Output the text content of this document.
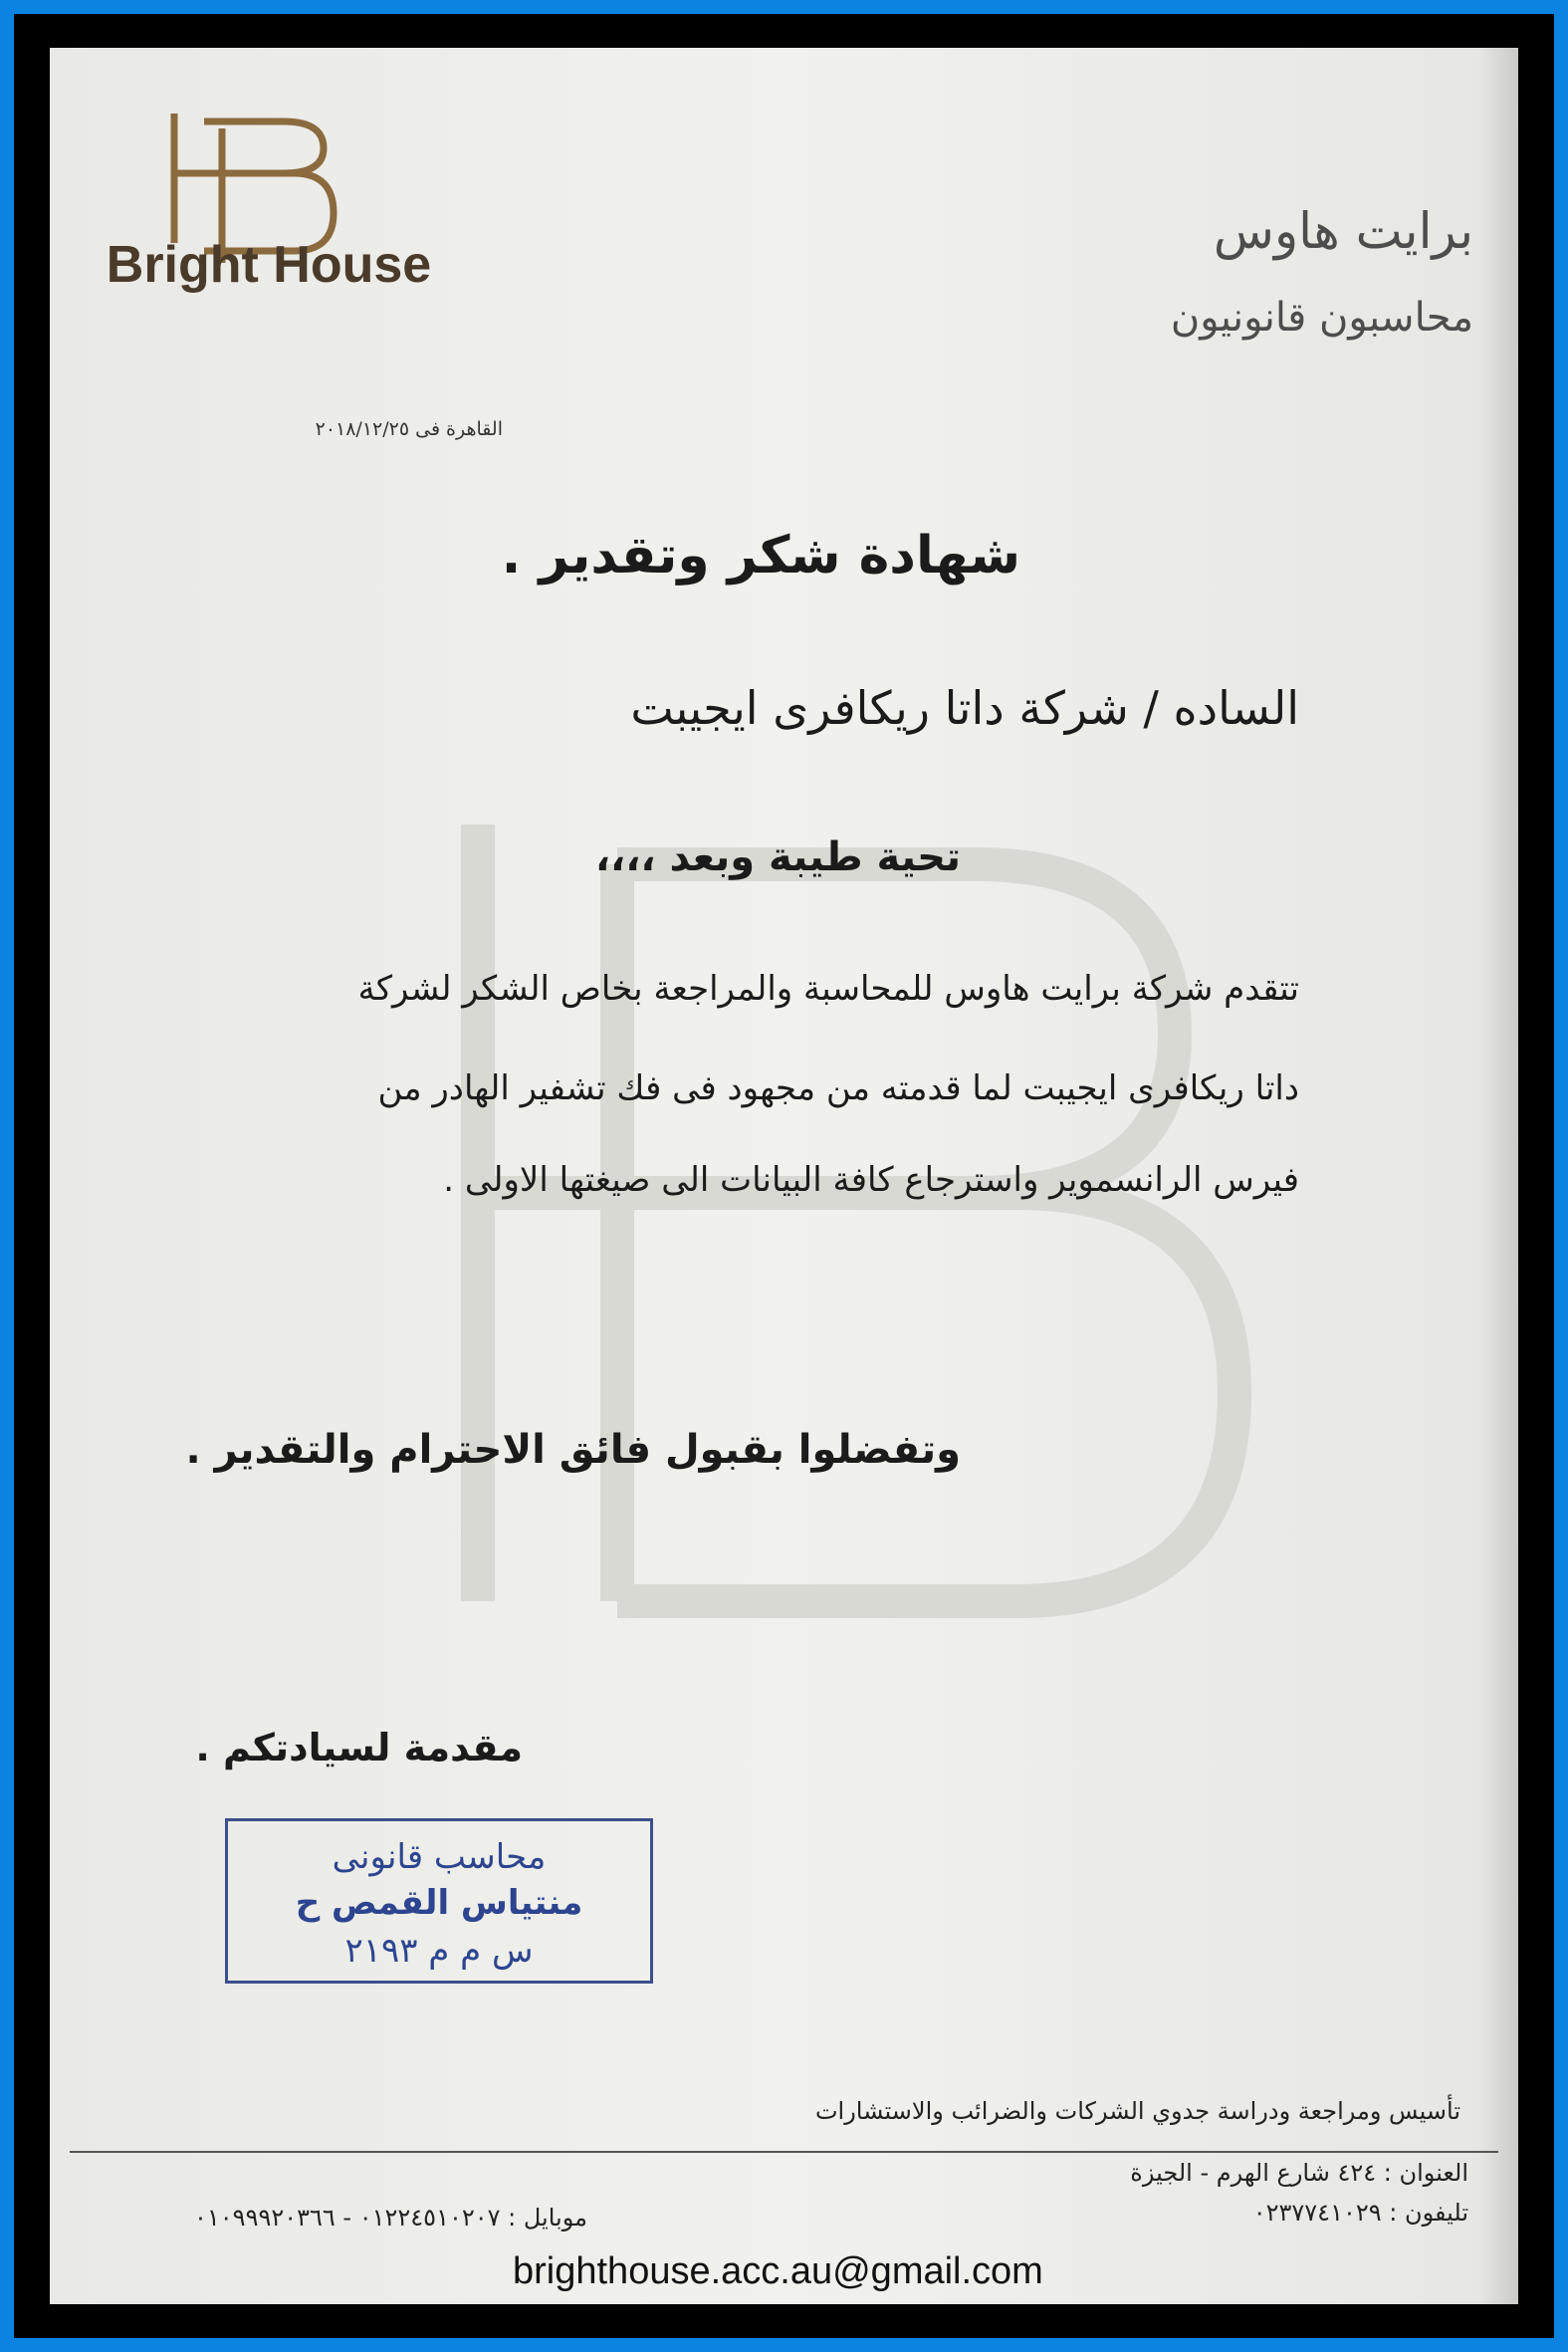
Bright House
برايت هاوس
محاسبون قانونيون
القاهرة فى ٢٠١٨/١٢/٢٥
شهادة شكر وتقدير .
الساده / شركة داتا ريكافرى ايجيبت
تحية طيبة وبعد ،،،،
تتقدم شركة برايت هاوس للمحاسبة والمراجعة بخاص الشكر لشركة
داتا ريكافرى ايجيبت لما قدمته من مجهود فى فك تشفير الهادر من
فيرس الرانسموير واسترجاع كافة البيانات الى صيغتها الاولى .
وتفضلوا بقبول فائق الاحترام والتقدير .
مقدمة لسيادتكم .
محاسب قانونى
منتياس القمص ح
س م م ٢١٩٣
تأسيس ومراجعة ودراسة جدوي الشركات والضرائب والاستشارات
العنوان : ٤٢٤ شارع الهرم - الجيزة
تليفون : ٠٢٣٧٧٤١٠٢٩
موبايل : ٠١٢٢٤٥١٠٢٠٧ - ٠١٠٩٩٩٢٠٣٦٦
brighthouse.acc.au@gmail.com
